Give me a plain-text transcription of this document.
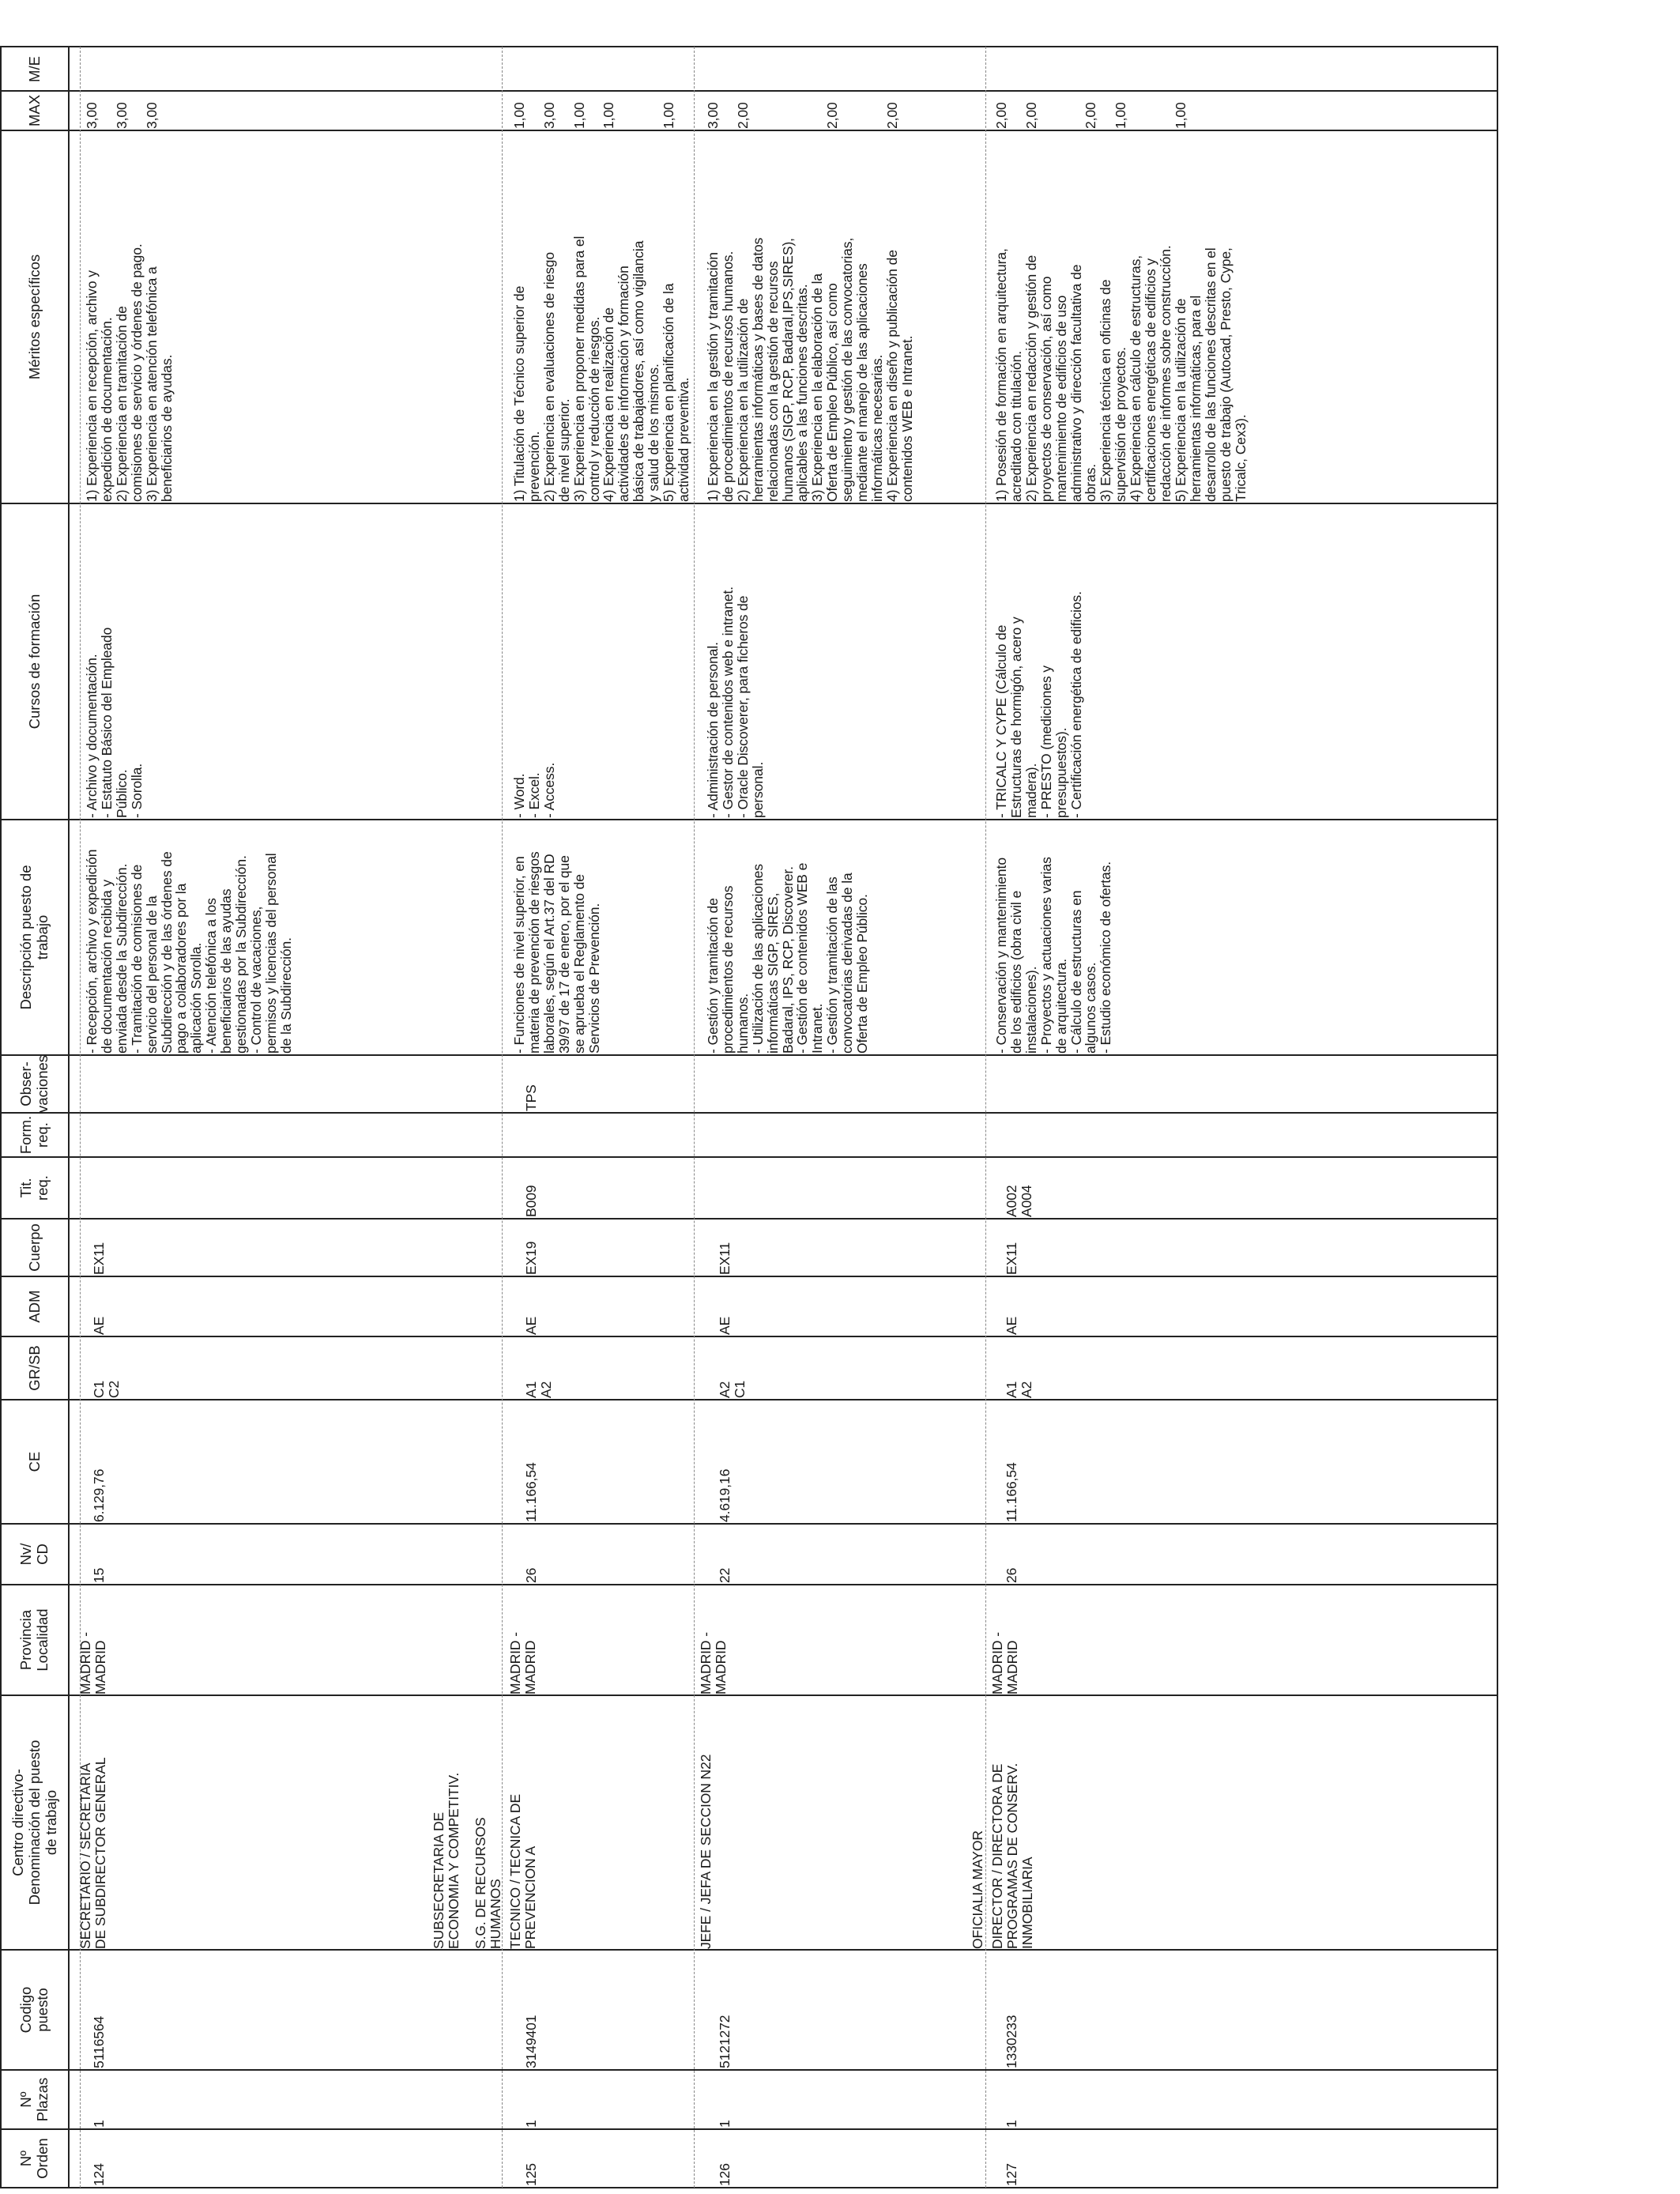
Nº
Orden
Nº
Plazas
Codigo
puesto
Centro directivo-
Denominación del puesto
de trabajo
Provincia
Localidad
Nv/
CD
CE
GR/SB
ADM
Cuerpo
Tit.
req.
Form.
req.
Obser-
vaciones
Descripción puesto de
trabajo
Cursos de formación
Méritos específicos
MAX
M/E
124
1
5116564
SECRETARIO / SECRETARIA
DE SUBDIRECTOR GENERAL
MADRID -
MADRID
15
6.129,76
C1
C2
AE
EX11
- Recepción, archivo y expedición
de documentación recibida y
enviada desde la Subdirección.
- Tramitación de comisiones de
servicio del personal de la
Subdirección y de las órdenes de
pago a colaboradores por la
aplicación Sorolla.
- Atención telefónica a los
beneficiarios de las ayudas
gestionadas por la Subdirección.
- Control de vacaciones,
permisos y licencias del personal
de la Subdirección.
- Archivo y documentación.
- Estatuto Básico del Empleado
Público.
- Sorolla.
1) Experiencia en recepción, archivo y
expedición de documentación.
2) Experiencia en tramitación de
comisiones de servicio y órdenes de pago.
3) Experiencia en atención telefónica a
beneficiarios de ayudas.
3,00

3,00

3,00
SUBSECRETARIA DE
ECONOMIA Y COMPETITIV.
S.G. DE RECURSOS
HUMANOS
125
1
3149401
TECNICO / TECNICA DE
PREVENCION A
MADRID -
MADRID
26
11.166,54
A1
A2
AE
EX19
B009
TPS
- Funciones de nivel superior, en
materia de prevención de riesgos
laborales, según el Art.37 del RD
39/97 de 17 de enero, por el que
se aprueba el Reglamento de
Servicios de Prevención.
- Word.
- Excel.
- Access.
1) Titulación de Técnico superior de
prevención.
2) Experiencia en evaluaciones de riesgo
de nivel superior.
3) Experiencia en proponer medidas para el
control y reducción de riesgos.
4) Experiencia en realización de
actividades de información y formación
básica de trabajadores, así como vigilancia
y salud de los mismos.
5) Experiencia en planificación de la
actividad preventiva.
1,00

3,00

1,00

1,00

1,00
126
1
5121272
JEFE / JEFA DE SECCION N22
MADRID -
MADRID
22
4.619,16
A2
C1
AE
EX11
- Gestión y tramitación de
procedimientos de recursos
humanos.
- Utilización de las aplicaciones
informáticas SIGP, SIRES,
Badaral, IPS, RCP, Discoverer.
- Gestión de contenidos WEB e
Intranet.
- Gestión y tramitación de las
convocatorias derivadas de la
Oferta de Empleo Público.
- Administración de personal.
- Gestor de contenidos web e intranet.
- Oracle Discoverer, para ficheros de
personal.
1) Experiencia en la gestión y tramitación
de procedimientos de recursos humanos.
2) Experiencia en la utilización de
herramientas informáticas y bases de datos
relacionadas con la gestión de recursos
humanos (SIGP, RCP, Badaral,IPS,SIRES),
aplicables a las funciones descritas.
3) Experiencia en la elaboración de la
Oferta de Empleo Público, así como
seguimiento y gestión de las convocatorias,
mediante el manejo de las aplicaciones
informáticas necesarias.
4) Experiencia en diseño y publicación de
contenidos WEB e Intranet.
3,00

2,00

2,00

2,00
OFICIALIA MAYOR
127
1
1330233
DIRECTOR / DIRECTORA DE
PROGRAMAS DE CONSERV.
INMOBILIARIA
MADRID -
MADRID
26
11.166,54
A1
A2
AE
EX11
A002
A004
- Conservación y mantenimiento
de los edificios (obra civil e
instalaciones).
- Proyectos y actuaciones varias
de arquitectura.
- Cálculo de estructuras en
algunos casos.
- Estudio económico de ofertas.
- TRICALC Y CYPE (Cálculo de
Estructuras de hormigón, acero y
madera).
- PRESTO (mediciones y
presupuestos).
- Certificación energética de edificios.
1) Posesión de formación en arquitectura,
acreditado con titulación.
2) Experiencia en redacción y gestión de
proyectos de conservación, así como
mantenimiento de edificios de uso
administrativo y dirección facultativa de
obras.
3) Experiencia técnica en oficinas de
supervisión de proyectos.
4) Experiencia en cálculo de estructuras,
certificaciones energéticas de edificios y
redacción de informes sobre construcción.
5) Experiencia en la utilización de
herramientas informáticas, para el
desarrollo de las funciones descritas en el
puesto de trabajo (Autocad, Presto, Cype,
Tricalc, Cex3).
2,00

2,00

2,00

1,00

1,00
